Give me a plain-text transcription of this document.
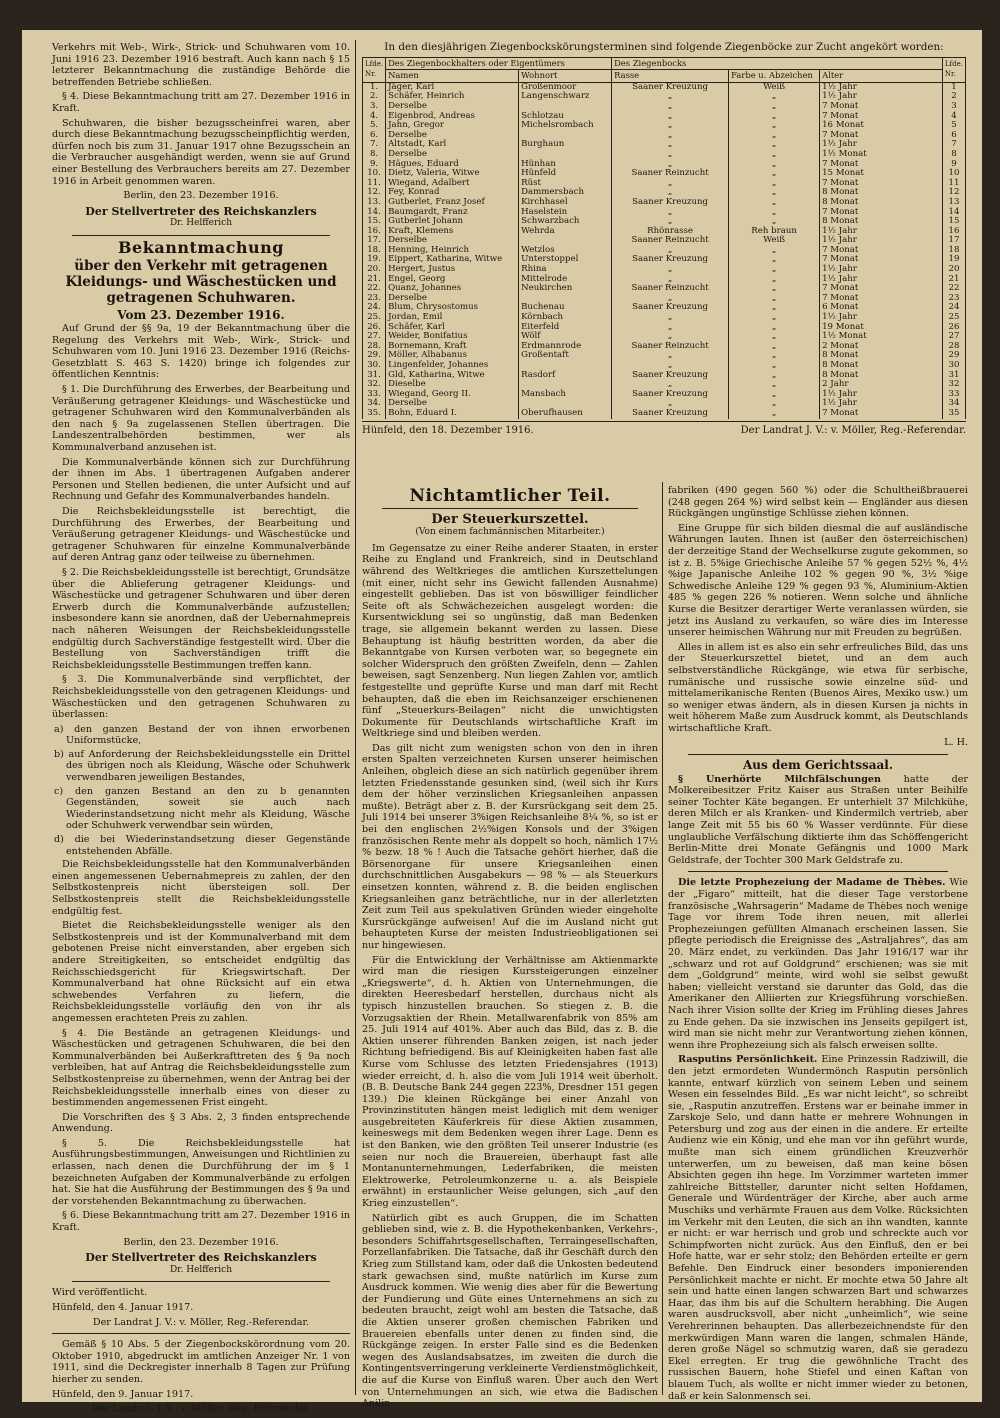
Verkehrs mit Web-, Wirk-, Strick- und Schuhwaren vom 10. Juni 1916 23. Dezember 1916 bestraft. Auch kann nach § 15 letzterer Bekanntmachung die zuständige Behörde die betreffenden Betriebe schließen.

§ 4. Diese Bekanntmachung tritt am 27. Dezember 1916 in Kraft.

Schuhwaren, die bisher bezugsscheinfrei waren, aber durch diese Bekanntmachung bezugsscheinpflichtig werden, dürfen noch bis zum 31. Januar 1917 ohne Bezugsschein an die Verbraucher ausgehändigt werden, wenn sie auf Grund einer Bestellung des Verbrauchers bereits am 27. Dezember 1916 in Arbeit genommen waren.

Berlin, den 23. Dezember 1916.

Der Stellvertreter des Reichskanzlers
Dr. Helfferich
Bekanntmachung
über den Verkehr mit getragenen Kleidungs- und Wäschestücken und getragenen Schuhwaren.
Vom 23. Dezember 1916.

Auf Grund der §§ 9a, 19 der Bekanntmachung über die Regelung des Verkehrs mit Web-, Wirk-, Strick- und Schuhwaren vom 10. Juni 1916 23. Dezember 1916 (Reichs-Gesetzblatt S. 463 S. 1420) bringe ich folgendes zur öffentlichen Kenntnis:

§ 1. Die Durchführung des Erwerbes, der Bearbeitung und Veräußerung getragener Kleidungs- und Wäschestücke und getragener Schuhwaren wird den Kommunalverbänden als den nach § 9a zugelassenen Stellen übertragen. Die Landeszentralbehörden bestimmen, wer als Kommunalverband anzusehen ist.

Die Kommunalverbände können sich zur Durchführung der ihnen im Abs. 1 übertragenen Aufgaben anderer Personen und Stellen bedienen, die unter Aufsicht und auf Rechnung und Gefahr des Kommunalverbandes handeln.

Die Reichsbekleidungsstelle ist berechtigt, die Durchführung des Erwerbes, der Bearbeitung und Veräußerung getragener Kleidungs- und Wäschestücke und getragener Schuhwaren für einzelne Kommunalverbände auf deren Antrag ganz oder teilweise zu übernehmen.

§ 2. Die Reichsbekleidungsstelle ist berechtigt, Grundsätze über die Ablieferung getragener Kleidungs- und Wäschestücke und getragener Schuhwaren und über deren Erwerb durch die Kommunalverbände aufzustellen; insbesondere kann sie anordnen, daß der Uebernahmepreis nach näheren Weisungen der Reichsbekleidungsstelle endgültig durch Sachverständige festgestellt wird. Über die Bestellung von Sachverständigen trifft die Reichsbekleidungsstelle Bestimmungen treffen kann.

§ 3. Die Kommunalverbände sind verpflichtet, der Reichsbekleidungsstelle von den getragenen Kleidungs- und Wäschestücken und den getragenen Schuhwaren zu überlassen:

a) den ganzen Bestand der von ihnen erworbenen Uniformstücke,

b) auf Anforderung der Reichsbekleidungsstelle ein Drittel des übrigen noch als Kleidung, Wäsche oder Schuhwerk verwendbaren jeweiligen Bestandes,

c) den ganzen Bestand an den zu b genannten Gegenständen, soweit sie auch nach Wiederinstandsetzung nicht mehr als Kleidung, Wäsche oder Schuhwerk verwendbar sein würden,

d) die bei Wiederinstandsetzung dieser Gegenstände entstehenden Abfälle.

Die Reichsbekleidungsstelle hat den Kommunalverbänden einen angemessenen Uebernahmepreis zu zahlen, der den Selbstkostenpreis nicht übersteigen soll. Der Selbstkostenpreis stellt die Reichsbekleidungsstelle endgültig fest.

Bietet die Reichsbekleidungsstelle weniger als den Selbstkostenpreis und ist der Kommunalverband mit dem gebotenen Preise nicht einverstanden, aber ergeben sich andere Streitigkeiten, so entscheidet endgültig das Reichsschiedsgericht für Kriegswirtschaft. Der Kommunalverband hat ohne Rücksicht auf ein etwa schwebendes Verfahren zu liefern, die Reichsbekleidungsstelle vorläufig den von ihr als angemessen erachteten Preis zu zahlen.

§ 4. Die Bestände an getragenen Kleidungs- und Wäschestücken und getragenen Schuhwaren, die bei den Kommunalverbänden bei Außerkrafttreten des § 9a noch verbleiben, hat auf Antrag die Reichsbekleidungsstelle zum Selbstkostenpreise zu übernehmen, wenn der Antrag bei der Reichsbekleidungsstelle innerhalb eines von dieser zu bestimmenden angemessenen Frist eingeht.

Die Vorschriften des § 3 Abs. 2, 3 finden entsprechende Anwendung.

§ 5. Die Reichsbekleidungsstelle hat Ausführungsbestimmungen, Anweisungen und Richtlinien zu erlassen, nach denen die Durchführung der im § 1 bezeichneten Aufgaben der Kommunalverbände zu erfolgen hat. Sie hat die Ausführung der Bestimmungen des § 9a und der vorstehenden Bekanntmachung zu überwachen.

§ 6. Diese Bekanntmachung tritt am 27. Dezember 1916 in Kraft.

Berlin, den 23. Dezember 1916.

Der Stellvertreter des Reichskanzlers
Dr. Helfferich

Wird veröffentlicht.

Hünfeld, den 4. Januar 1917.

Der Landrat J. V.: v. Möller, Reg.-Referendar.

Gemäß § 10 Abs. 5 der Ziegenbockskörordnung vom 20. Oktober 1910, abgedruckt im amtlichen Anzeiger Nr. 1 von 1911, sind die Deckregister innerhalb 8 Tagen zur Prüfung hierher zu senden.

Hünfeld, den 9. Januar 1917.

Der Landrat. J. V.: v. Möller, Reg.-Referendar.

In den diesjährigen Ziegenbockskörungsterminen sind folgende Ziegenböcke zur Zucht angekört worden:
Lfde. Nr.	Des Ziegenbockhalters oder Eigentümers		Des Ziegenbocks			Lfde. Nr.
	Namen	Wohnort	Rasse	Farbe u. Abzeichen	Alter	
1.	Jäger, Karl	Großenmoor	Saaner Kreuzung	Weiß	1½ Jahr	1
2.	Schäfer, Heinrich	Langenschwarz	„	„	1½ Jahr	2
3.	Derselbe		„	„	7 Monat	3
4.	Eigenbrod, Andreas	Schlotzau	„	„	7 Monat	4
5.	Jahn, Gregor	Michelsrombach	„	„	16 Monat	5
6.	Derselbe		„	„	7 Monat	6
7.	Altstadt, Karl	Burghaun	„	„	1½ Jahr	7
8.	Derselbe		„	„	1½ Monat	8
9.	Hägues, Eduard	Hünhan	„	„	7 Monat	9
10.	Dietz, Valeria, Witwe	Hünfeld	Saaner Reinzucht	„	15 Monat	10
11.	Wiegand, Adalbert	Rüst	„	„	7 Monat	11
12.	Fey, Konrad	Dammersbach	„	„	8 Monat	12
13.	Gutberlet, Franz Josef	Kirchhasel	Saaner Kreuzung	„	8 Monat	13
14.	Baumgardt, Franz	Haselstein	„	„	7 Monat	14
15.	Gutberlet Johann	Schwarzbach	„	„	8 Monat	15
16.	Kraft, Klemens	Wehrda	Rhönrasse	Reh braun	1½ Jahr	16
17.	Derselbe		Saaner Reinzucht	Weiß	1½ Jahr	17
18.	Henning, Heinrich	Wetzlos	„	„	7 Monat	18
19.	Eippert, Katharina, Witwe	Unterstoppel	Saaner Kreuzung	„	7 Monat	19
20.	Hergert, Justus	Rhina	„	„	1½ Jahr	20
21.	Engel, Georg	Mittelrode	„	„	1½ Jahr	21
22.	Quanz, Johannes	Neukirchen	Saaner Reinzucht	„	7 Monat	22
23.	Derselbe		„	„	7 Monat	23
24.	Blum, Chrysostomus	Buchenau	Saaner Kreuzung	„	6 Monat	24
25.	Jordan, Emil	Körnbach	„	„	1½ Jahr	25
26.	Schäfer, Karl	Eiterfeld	„	„	19 Monat	26
27.	Weider, Bonifatius	Wölf	„	„	1½ Monat	27
28.	Bornemann, Kraft	Erdmannrode	Saaner Reinzucht	„	2 Monat	28
29.	Möller, Alhabanus	Großentaft	„	„	8 Monat	29
30.	Lingenfelder, Johannes		„	„	8 Monat	30
31.	Gld, Katharina, Witwe	Rasdorf	Saaner Kreuzung	„	8 Monat	31
32.	Dieselbe		„	„	2 Jahr	32
33.	Wiegand, Georg II.	Mansbach	Saaner Kreuzung	„	1½ Jahr	33
34.	Derselbe		„	„	1½ Jahr	34
35.	Bohn, Eduard I.	Oberufhausen	Saaner Kreuzung	„	7 Monat	35
Hünfeld, den 18. Dezember 1916.	Der Landrat J. V.: v. Möller, Reg.-Referendar.
Nichtamtlicher Teil.
Der Steuerkurszettel.
(Von einem fachmännischen Mitarbeiter.)

Im Gegensatze zu einer Reihe anderer Staaten, in erster Reihe zu England und Frankreich, sind in Deutschland während des Weltkrieges die amtlichen Kurszettelungen (mit einer, nicht sehr ins Gewicht fallenden Ausnahme) eingestellt geblieben. Das ist von böswilliger feindlicher Seite oft als Schwächezeichen ausgelegt worden: die Kursentwicklung sei so ungünstig, daß man Bedenken trage, sie allgemein bekannt werden zu lassen. Diese Behauptung ist häufig bestritten worden, da aber die Bekanntgabe von Kursen verboten war, so begegnete ein solcher Widerspruch den größten Zweifeln, denn — Zahlen beweisen, sagt Senzenberg. Nun liegen Zahlen vor, amtlich festgestellte und geprüfte Kurse und man darf mit Recht behaupten, daß die eben im Reichsanzeiger erschienenen fünf „Steuerkurs-Beilagen“ nicht die unwichtigsten Dokumente für Deutschlands wirtschaftliche Kraft im Weltkriege sind und bleiben werden.

Das gilt nicht zum wenigsten schon von den in ihren ersten Spalten verzeichneten Kursen unserer heimischen Anleihen, obgleich diese an sich natürlich gegenüber ihrem letzten Friedensstande gesunken sind, (weil sich ihr Kurs dem der höher verzinslichen Kriegsanleihen anpassen mußte). Beträgt aber z. B. der Kursrückgang seit dem 25. Juli 1914 bei unserer 3%igen Reichsanleihe 8¼ %, so ist er bei den englischen 2½%igen Konsols und der 3%igen französischen Rente mehr als doppelt so hoch, nämlich 17½ % bezw. 18 % ! Auch die Tatsache gehört hierher, daß die Börsenorgane für unsere Kriegsanleihen einen durchschnittlichen Ausgabekurs — 98 % — als Steuerkurs einsetzen konnten, während z. B. die beiden englischen Kriegsanleihen ganz beträchtliche, nur in der allerletzten Zeit zum Teil aus spekulativen Gründen wieder eingeholte Kursrückgänge aufweisen! Auf die im Ausland nicht gut behaupteten Kurse der meisten Industrieobligationen sei nur hingewiesen.

Für die Entwicklung der Verhältnisse am Aktienmarkte wird man die riesigen Kurssteigerungen einzelner „Kriegswerte“, d. h. Aktien von Unternehmungen, die direkten Heeresbedarf herstellen, durchaus nicht als typisch hinzustellen brauchen. So stiegen z. B. die Vorzugsaktien der Rhein. Metallwarenfabrik von 85% am 25. Juli 1914 auf 401%. Aber auch das Bild, das z. B. die Aktien unserer führenden Banken zeigen, ist nach jeder Richtung befriedigend. Bis auf Kleinigkeiten haben fast alle Kurse vom Schlusse des letzten Friedensjahres (1913) wieder erreicht, d. h. also die vom Juli 1914 weit überholt. (B. B. Deutsche Bank 244 gegen 223%, Dresdner 151 gegen 139.) Die kleinen Rückgänge bei einer Anzahl von Provinzinstituten hängen meist lediglich mit dem weniger ausgebreiteten Käuferkreis für diese Aktien zusammen, keineswegs mit dem Bedenken wegen ihrer Lage. Denn es ist den Banken, wie den größten Teil unserer Industrie (es seien nur noch die Brauereien, überhaupt fast alle Montanunternehmungen, Lederfabriken, die meisten Elektrowerke, Petroleumkonzerne u. a. als Beispiele erwähnt) in erstaunlicher Weise gelungen, sich „auf den Krieg einzustellen“.

Natürlich gibt es auch Gruppen, die im Schatten geblieben sind, wie z. B. die Hypothekenbanken, Verkehrs-, besonders Schiffahrtsgesellschaften, Terraingesellschaften, Porzellanfabriken. Die Tatsache, daß ihr Geschäft durch den Krieg zum Stillstand kam, oder daß die Unkosten bedeutend stark gewachsen sind, mußte natürlich im Kurse zum Ausdruck kommen. Wie wenig dies aber für die Bewertung der Fundierung und Güte eines Unternehmens an sich zu bedeuten braucht, zeigt wohl am besten die Tatsache, daß die Aktien unserer großen chemischen Fabriken und Brauereien ebenfalls unter denen zu finden sind, die Rückgänge zeigen. In erster Falle sind es die Bedenken wegen des Auslandsabsatzes, im zweiten die durch die Kontingentsverringerung verkleinerte Verdienstmöglichkeit, die auf die Kurse von Einfluß waren. Über auch den Wert von Unternehmungen an sich, wie etwa die Badischen Anilin-

fabriken (490 gegen 560 %) oder die Schultheißbrauerei (248 gegen 264 %) wird selbst kein — Engländer aus diesen Rückgängen ungünstige Schlüsse ziehen können.

Eine Gruppe für sich bilden diesmal die auf ausländische Währungen lauten. Ihnen ist (außer den österreichischen) der derzeitige Stand der Wechselkurse zugute gekommen, so ist z. B. 5%ige Griechische Anleihe 57 % gegen 52½ %, 4½ %ige Japanische Anleihe 102 % gegen 90 %, 3½ %ige Schwedische Anleihe 129 % gegen 93 %, Aluminium-Aktien 485 % gegen 226 % notieren. Wenn solche und ähnliche Kurse die Besitzer derartiger Werte veranlassen würden, sie jetzt ins Ausland zu verkaufen, so wäre dies im Interesse unserer heimischen Währung nur mit Freuden zu begrüßen.

Alles in allem ist es also ein sehr erfreuliches Bild, das uns der Steuerkurszettel bietet, und an dem auch selbstverständliche Rückgänge, wie etwa für serbische, rumänische und russische sowie einzelne süd- und mittelamerikanische Renten (Buenos Aires, Mexiko usw.) um so weniger etwas ändern, als in diesen Kursen ja nichts in weit höherem Maße zum Ausdruck kommt, als Deutschlands wirtschaftliche Kraft.

L. H.
Aus dem Gerichtssaal.

§ Unerhörte Milchfälschungen hatte der Molkereibesitzer Fritz Kaiser aus Straßen unter Beihilfe seiner Tochter Käte begangen. Er unterhielt 37 Milchkühe, deren Milch er als Kranken- und Kindermilch vertrieb, aber lange Zeit mit 55 bis 60 % Wasser verdünnte. Für diese unglaubliche Verfälschung diktierte ihm das Schöffengericht Berlin-Mitte drei Monate Gefängnis und 1000 Mark Geldstrafe, der Tochter 300 Mark Geldstrafe zu.

Die letzte Prophezeiung der Madame de Thèbes. Wie der „Figaro“ mitteilt, hat die dieser Tage verstorbene französische „Wahrsagerin“ Madame de Thèbes noch wenige Tage vor ihrem Tode ihren neuen, mit allerlei Prophezeiungen gefüllten Almanach erscheinen lassen. Sie pflegte periodisch die Ereignisse des „Astraljahres“, das am 20. März endet, zu verkünden. Das Jahr 1916/17 war ihr „schwarz und rot auf Goldgrund“ erschienen; was sie mit dem „Goldgrund“ meinte, wird wohl sie selbst gewußt haben; vielleicht verstand sie darunter das Gold, das die Amerikaner den Alliierten zur Kriegsführung vorschießen. Nach ihrer Vision sollte der Krieg im Frühling dieses Jahres zu Ende gehen. Da sie inzwischen ins Jenseits gepilgert ist, wird man sie nicht mehr zur Verantwortung ziehen können, wenn ihre Prophezeiung sich als falsch erweisen sollte.

Rasputins Persönlichkeit. Eine Prinzessin Radziwill, die den jetzt ermordeten Wundermönch Rasputin persönlich kannte, entwarf kürzlich von seinem Leben und seinem Wesen ein fesselndes Bild. „Es war nicht leicht“, so schreibt sie, „Rasputin anzutreffen. Erstens war er beinahe immer in Zarskoje Selo, und dann hatte er mehrere Wohnungen in Petersburg und zog aus der einen in die andere. Er erteilte Audienz wie ein König, und ehe man vor ihn geführt wurde, mußte man sich einem gründlichen Kreuzverhör unterwerfen, um zu beweisen, daß man keine bösen Absichten gegen ihn hege. Im Vorzimmer warteten immer zahlreiche Bittsteller, darunter nicht selten Hofdamen, Generale und Würdenträger der Kirche, aber auch arme Muschiks und verhärmte Frauen aus dem Volke. Rücksichten im Verkehr mit den Leuten, die sich an ihn wandten, kannte er nicht: er war herrisch und grob und schreckte auch vor Schimpfworten nicht zurück. Aus den Einfluß, den er bei Hofe hatte, war er sehr stolz; den Behörden erteilte er gern Befehle. Den Eindruck einer besonders imponierenden Persönlichkeit machte er nicht. Er mochte etwa 50 Jahre alt sein und hatte einen langen schwarzen Bart und schwarzes Haar, das ihm bis auf die Schultern herabhing. Die Augen waren ausdrucksvoll, aber nicht „unheimlich“, wie seine Verehrerinnen behaupten. Das allerbezeichnendste für den merkwürdigen Mann waren die langen, schmalen Hände, deren große Nägel so schmutzig waren, daß sie geradezu Ekel erregten. Er trug die gewöhnliche Tracht des russischen Bauern, hohe Stiefel und einen Kaftan von blauem Tuch, als wollte er nicht immer wieder zu betonen, daß er kein Salonmensch sei.
